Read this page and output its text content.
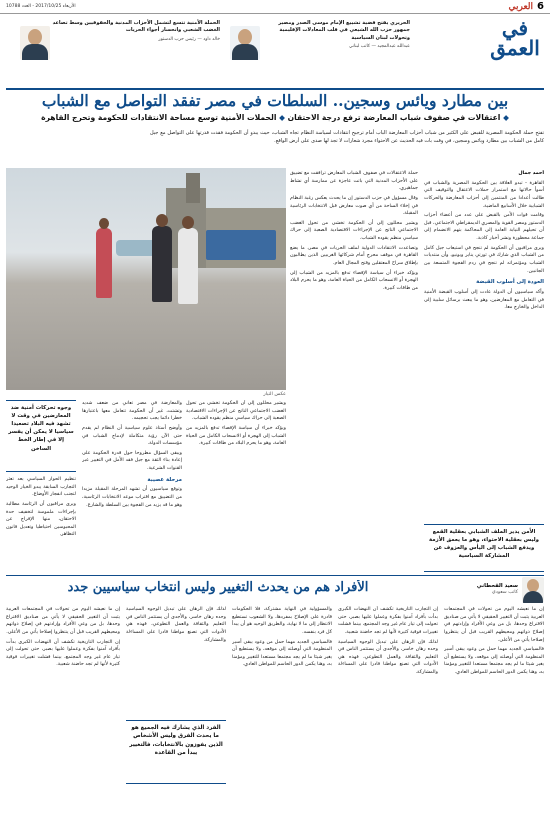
6
العربي
الأربعاء 2017/10/25 - العدد 10788
في
العمق
الحريري يفتح قضية تشييع الإمام موسى الصدر ومصير جمهور حزب الله الشيعي في قلب المعادلات الإقليمية وتحولات لبنان السياسية
عبدالله عبدالمجيد — كاتب لبناني
الحملة الأمنية تتسع لتشمل الأحزاب المدنية والحقوقيين وسط تصاعد الغضب الشعبي وانحسار أجواء الحريات
خالد داود — رئيس حزب الدستور
بين مطارد ويائس وسجين.. السلطات في مصر تفقد التواصل مع الشباب
◆ اعتقالات في صفوف شباب المعارضة ترفع درجة الاحتقان ◆ الحملات الأمنية توسع مساحة الانتقادات للحكومة وتحرج القاهرة
تفتح حملة الحكومة المصرية للقبض على الكثير من شباب أحزاب المعارضة الباب أمام ترجيح انتقادات لسياسة النظام تجاه الشباب، حيث يبدو أن الحكومة فقدت قدرتها على التواصل مع جيل كامل من الشباب بين مطارد ويائس وسجين، في وقت بات فيه الحديث عن الاحتواء مجرد شعارات لا تجد لها صدى على أرض الواقع.
عكس التيار
أحمد جمال

القاهرة - تبدو العلاقة بين الحكومة المصرية والشباب في أسوأ حالاتها مع استمرار حملات الاعتقال والتوقيف التي طالت أعدادا من المنتمين إلى أحزاب المعارضة والحركات الشبابية خلال الأسابيع الماضية.

وقامت قوات الأمن بالقبض على عدد من أعضاء أحزاب الدستور ومصر القوية والمصري الديمقراطي الاجتماعي، قبل أن تحيلهم النيابة العامة إلى المحاكمة بتهم الانضمام إلى جماعة محظورة ونشر أخبار كاذبة.

ويرى مراقبون أن الحكومة لم تنجح في استيعاب جيل كامل من الشباب الذي شارك في ثورتي يناير ويونيو، وأن منتديات الشباب ومؤتمراته لم تنجح في ردم الفجوة المتسعة بين الجانبين.

العودة إلى أسلوب القبضة

وأكد سياسيون أن الدولة عادت إلى أسلوب القبضة الأمنية في التعامل مع المعارضين، وهو ما يبعث برسائل سلبية إلى الداخل والخارج معا.

الأمن يدير الملف الشبابي بعقلية القمع وليس بعقلية الاحتواء، وهو ما يعمق الأزمة ويدفع الشباب إلى اليأس والعزوف عن المشاركة السياسية

حملة الاعتقالات في صفوف الشباب المعارض ترافقت مع تضييق على الأحزاب المدنية التي باتت عاجزة عن ممارسة أي نشاط جماهيري.

وقال مسؤول في حزب الدستور إن ما يحدث يعكس رغبة النظام في إخلاء الساحة من أي صوت معارض قبل الانتخابات الرئاسية المقبلة.

ويشير محللون إلى أن الحكومة تخشى من تحول الغضب الاجتماعي الناتج عن الإجراءات الاقتصادية الصعبة إلى حراك سياسي منظم يقوده الشباب.

وتصاعدت الانتقادات الدولية لملف الحريات في مصر، ما يضع القاهرة في موقف محرج أمام شركائها الغربيين الذين يطالبون بإطلاق سراح المعتقلين وفتح المجال العام.

ويؤكد خبراء أن سياسة الإقصاء تدفع بالمزيد من الشباب إلى الهجرة أو الانسحاب الكامل من الحياة العامة، وهو ما يحرم البلاد من طاقات كبيرة.

وجوه تحركات أمنية ضد المعارضين في وقت لا تشهد فيه البلاد تصعيدا سياسيا لا يمكن أن يفسر إلا في إطار الخط الساخن

والمعارضة في مصر تعاني من ضعف شديد وتشتت، غير أن الحكومة تتعامل معها باعتبارها خطرا دائما يجب تحجيمه.

وأوضح أستاذ علوم سياسية أن النظام لم يقدم حتى الآن رؤية متكاملة لإدماج الشباب في مؤسسات الدولة.

ويبقى السؤال مطروحا حول قدرة الحكومة على إعادة بناء الثقة مع جيل فقد الأمل في التغيير عبر القنوات الشرعية.

مرحلة عصيبة

وتوقع سياسيون أن تشهد المرحلة المقبلة مزيدا من التضييق مع اقتراب موعد الانتخابات الرئاسية، وهو ما قد يزيد من الفجوة بين السلطة والشارع.

تنظيم الحوار السياسي بعد تعثر التجارب السابقة يبدو الخيار الوحيد لتجنب انفجار الأوضاع.

ويرى مراقبون أن الرئاسة مطالبة بإجراءات ملموسة لتخفيف حدة الاحتقان، منها الإفراج عن المحبوسين احتياطيا وتعديل قانون التظاهر.

ويشير محللون إلى أن الحكومة تخشى من تحول الغضب الاجتماعي الناتج عن الإجراءات الاقتصادية الصعبة إلى حراك سياسي منظم يقوده الشباب.

ويؤكد خبراء أن سياسة الإقصاء تدفع بالمزيد من الشباب إلى الهجرة أو الانسحاب الكامل من الحياة العامة، وهو ما يحرم البلاد من طاقات كبيرة.

الأفراد هم من يحدث التغيير وليس انتخاب سياسيين جدد	سعيد القحطاني
كاتب سعودي

إن ما نعيشه اليوم من تحولات في المجتمعات العربية يثبت أن التغيير الحقيقي لا يأتي من صناديق الاقتراع وحدها، بل من وعي الأفراد وإرادتهم في إصلاح ذواتهم ومحيطهم القريب قبل أن ينتظروا إصلاحا يأتي من الأعلى.

فالسياسي الجديد مهما حمل من وعود يبقى أسير المنظومة التي أوصلته إلى موقعه، ولا يستطيع أن يغير شيئا ما لم يجد مجتمعا مستعدا للتغيير ومؤمنا به، وهنا يكمن الدور الحاسم للمواطن العادي.

إن التجارب التاريخية تكشف أن النهضات الكبرى بدأت بأفراد آمنوا بفكرة وعملوا عليها بصبر، حتى تحولت إلى تيار عام غير وجه المجتمع، بينما فشلت تغييرات فوقية كثيرة لأنها لم تجد حاضنة شعبية.

لذلك فإن الرهان على تبديل الوجوه السياسية وحده رهان خاسر، والأجدى أن يستثمر الناس في التعليم والثقافة والعمل التطوعي، فهذه هي الأدوات التي تصنع مواطنا قادرا على المساءلة والمشاركة.

والمسؤولية في النهاية مشتركة، فلا الحكومات قادرة على الإصلاح بمفردها، ولا الشعوب تستطيع الانتظار إلى ما لا نهاية، والطريق الوحيد هو أن يبدأ كل فرد بنفسه.

فالسياسي الجديد مهما حمل من وعود يبقى أسير المنظومة التي أوصلته إلى موقعه، ولا يستطيع أن يغير شيئا ما لم يجد مجتمعا مستعدا للتغيير ومؤمنا به، وهنا يكمن الدور الحاسم للمواطن العادي.

الفرد الذي يشارك فيه الجميع هو ما يحدث الفرق وليس الأشخاص الذين يفوزون بالانتخابات، فالتغيير يبدأ من القاعدة

لذلك فإن الرهان على تبديل الوجوه السياسية وحده رهان خاسر، والأجدى أن يستثمر الناس في التعليم والثقافة والعمل التطوعي، فهذه هي الأدوات التي تصنع مواطنا قادرا على المساءلة والمشاركة.

إن ما نعيشه اليوم من تحولات في المجتمعات العربية يثبت أن التغيير الحقيقي لا يأتي من صناديق الاقتراع وحدها، بل من وعي الأفراد وإرادتهم في إصلاح ذواتهم ومحيطهم القريب قبل أن ينتظروا إصلاحا يأتي من الأعلى.

إن التجارب التاريخية تكشف أن النهضات الكبرى بدأت بأفراد آمنوا بفكرة وعملوا عليها بصبر، حتى تحولت إلى تيار عام غير وجه المجتمع، بينما فشلت تغييرات فوقية كثيرة لأنها لم تجد حاضنة شعبية.
